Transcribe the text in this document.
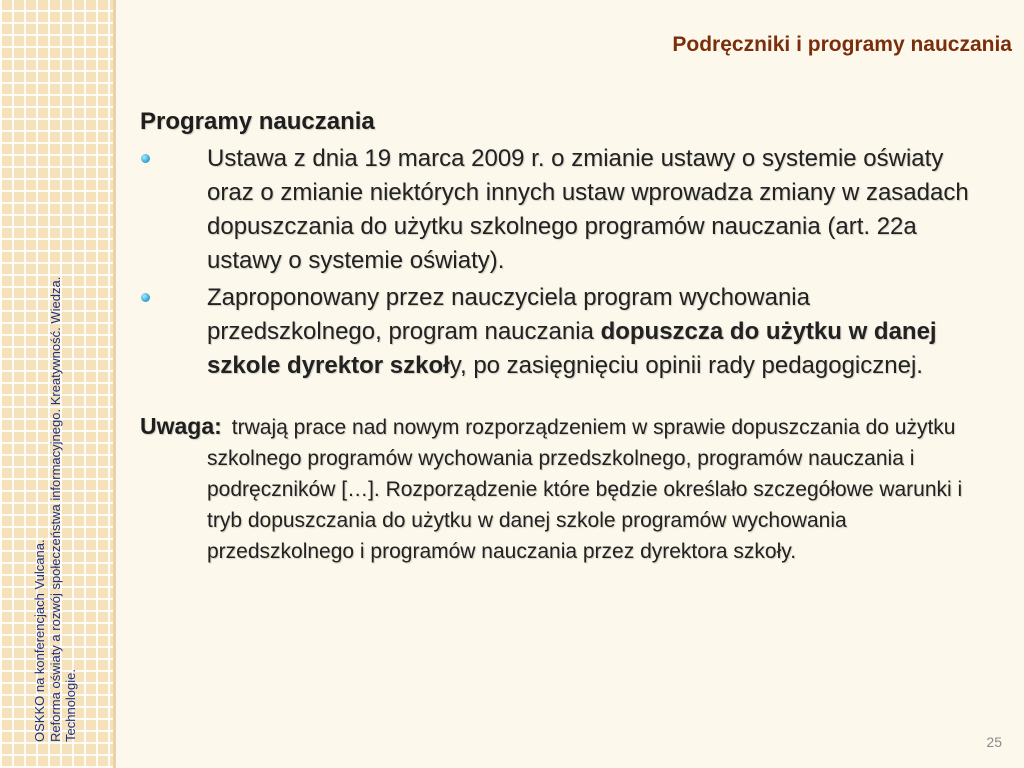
OSKKO na konferencjach Vulcana. Reforma oświaty a rozwój społeczeństwa informacyjnego. Kreatywność. Wiedza. Technologie.
Podręczniki i programy nauczania
Programy nauczania
Ustawa z dnia 19 marca 2009 r. o zmianie ustawy o systemie oświaty oraz o zmianie niektórych innych ustaw wprowadza zmiany w zasadach dopuszczania do użytku szkolnego programów nauczania (art. 22a ustawy o systemie oświaty).
Zaproponowany przez nauczyciela program wychowania przedszkolnego, program nauczania dopuszcza do użytku w danej szkole dyrektor szkoły, po zasięgnięciu opinii rady pedagogicznej.
Uwaga: trwają prace nad nowym rozporządzeniem w sprawie dopuszczania do użytku szkolnego programów wychowania przedszkolnego, programów nauczania i podręczników […]. Rozporządzenie które będzie określało szczegółowe warunki i tryb dopuszczania do użytku w danej szkole programów wychowania przedszkolnego i programów nauczania przez dyrektora szkoły.
25
